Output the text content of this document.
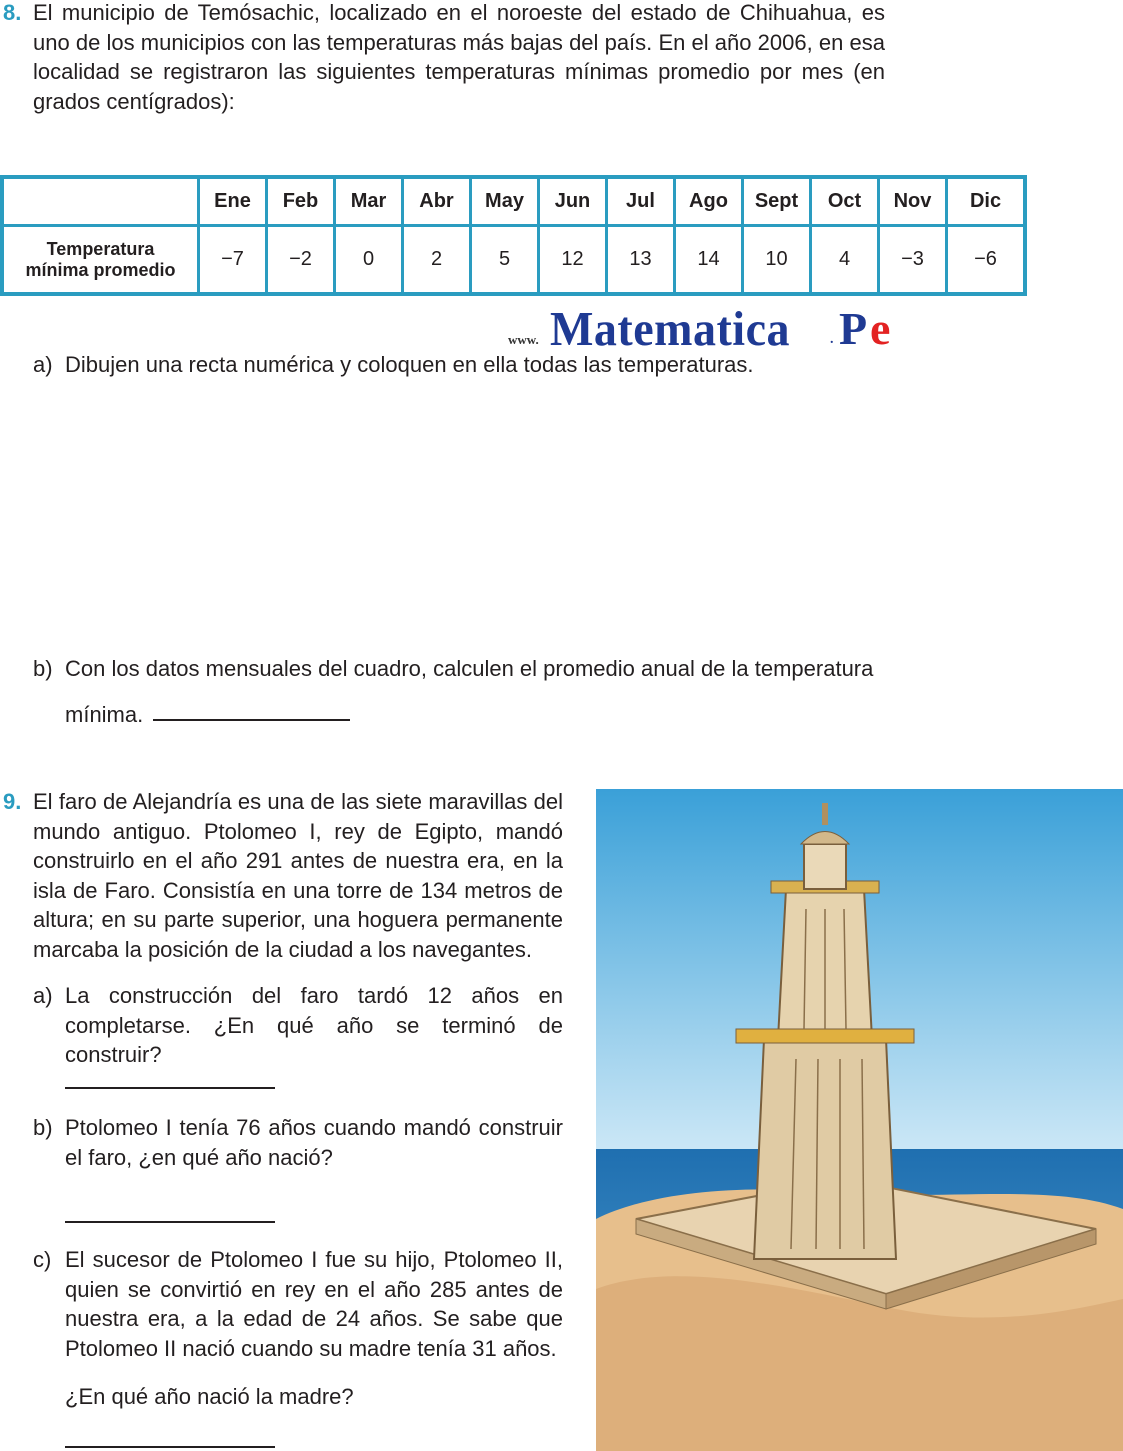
8. El municipio de Temósachic, localizado en el noroeste del estado de Chihuahua, es uno de los municipios con las temperaturas más bajas del país. En el año 2006, en esa localidad se registraron las siguientes temperaturas mínimas promedio por mes (en grados centígrados):
Ene	Feb	Mar	Abr	May	Jun	Jul	Ago	Sept	Oct	Nov	Dic
Temperatura
mínima promedio	−7	−2	0	2	5	12	13	14	10	4	−3	−6
www. Matematica	. P e
a) Dibujen una recta numérica y coloquen en ella todas las temperaturas.
b) Con los datos mensuales del cuadro, calculen el promedio anual de la temperatura
mínima.
9. El faro de Alejandría es una de las siete maravillas del mundo antiguo. Ptolomeo I, rey de Egipto, mandó construirlo en el año 291 antes de nuestra era, en la isla de Faro. Consistía en una torre de 134 metros de altura; en su parte superior, una hoguera permanente marcaba la posición de la ciudad a los navegantes.
a) La construcción del faro tardó 12 años en completarse. ¿En qué año se terminó de construir?
b) Ptolomeo I tenía 76 años cuando mandó construir el faro, ¿en qué año nació?
c) El sucesor de Ptolomeo I fue su hijo, Ptolomeo II, quien se convirtió en rey en el año 285 antes de nuestra era, a la edad de 24 años. Se sabe que Ptolomeo II nació cuando su madre tenía 31 años.
¿En qué año nació la madre?
